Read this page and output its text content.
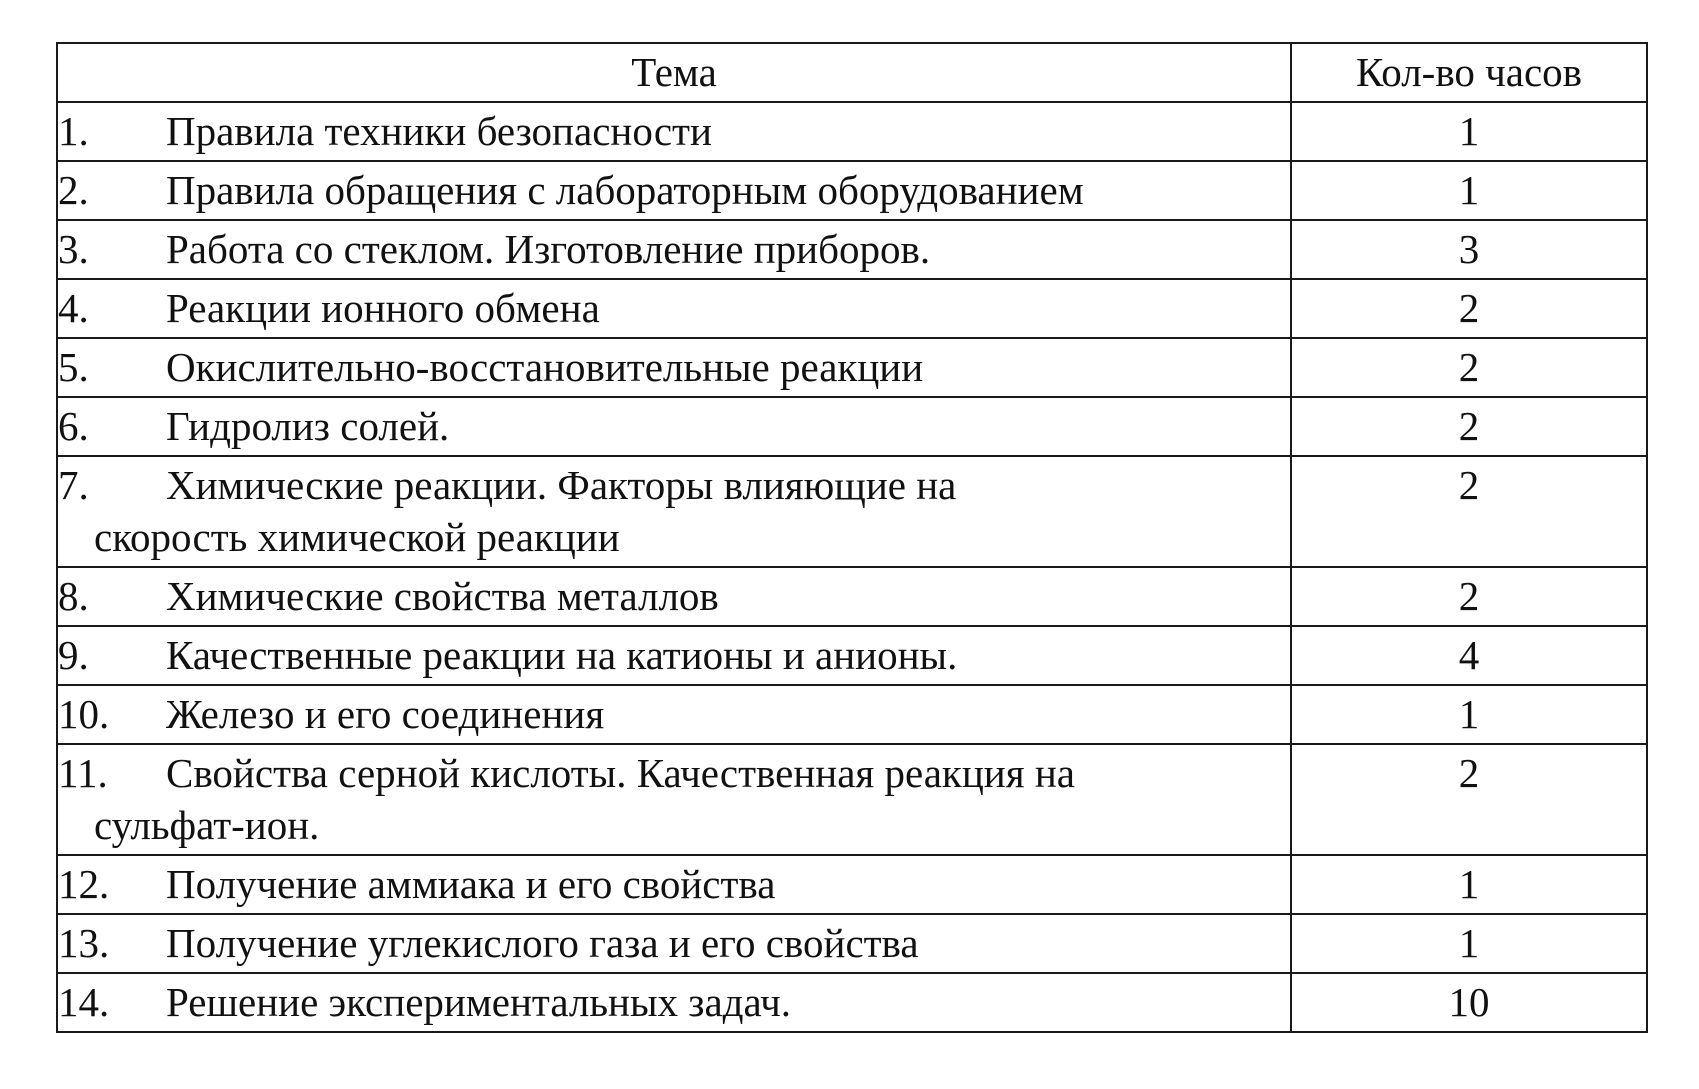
Тема	Кол-во часов
1. Правила техники безопасности	1
2. Правила обращения с лабораторным оборудованием	1
3. Работа со стеклом. Изготовление приборов.	3
4. Реакции ионного обмена	2
5. Окислительно-восстановительные реакции	2
6. Гидролиз солей.	2
7. Химические реакции. Факторы влияющие на
скорость химической реакции	2
8. Химические свойства металлов	2
9. Качественные реакции на катионы и анионы.	4
10. Железо и его соединения	1
11. Свойства серной кислоты. Качественная реакция на
сульфат-ион.	2
12. Получение аммиака и его свойства	1
13. Получение углекислого газа и его свойства	1
14. Решение экспериментальных задач.	10
